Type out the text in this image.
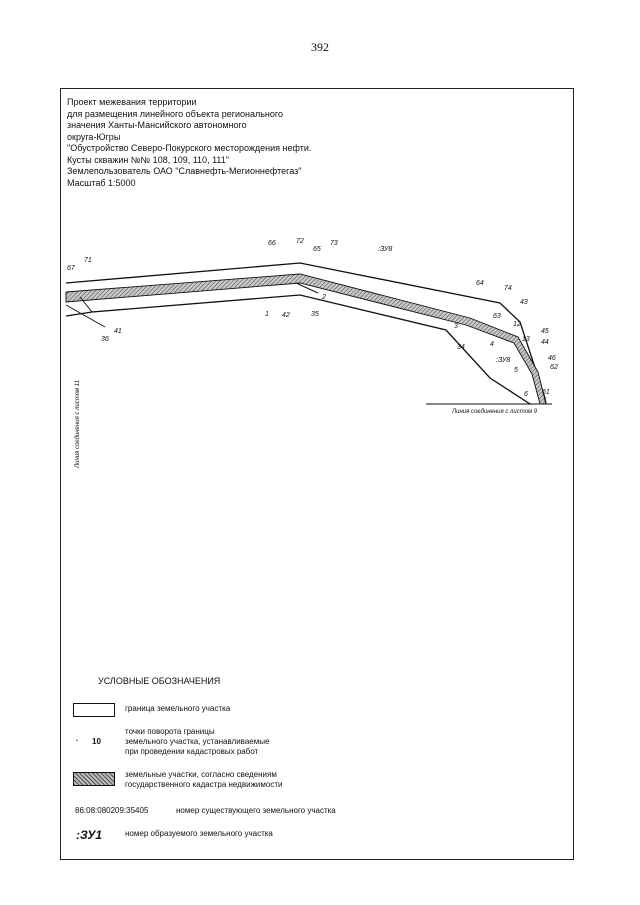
392
Проект межевания территории
для размещения линейного объекта регионального
значения Ханты-Мансийского автономного
округа-Югры
"Обустройство Северо-Покурского месторождения нефти.
Кусты скважин №№ 108, 109, 110, 111"
Землепользователь ОАО "Славнефть-Мегионнефтегаз"
Масштаб 1:5000
67
71
66	72
65
73
:ЗУ8
64
74
43
63
12
45
13 44
:ЗУ8	46
62
5
61
6
4
34
3
2
1 42	35
41
36
Линия соединения с листом 11	Линия соединения с листом 9
УСЛОВНЫЕ ОБОЗНАЧЕНИЯ
граница земельного участка
· 10
точки поворота границы
земельного участка, устанавливаемые
при проведении кадастровых работ
земельные участки, согласно сведениям
государственного кадастра недвижимости
86:08:080209:35405	номер существующего земельного участка
:ЗУ1	номер образуемого земельного участка
